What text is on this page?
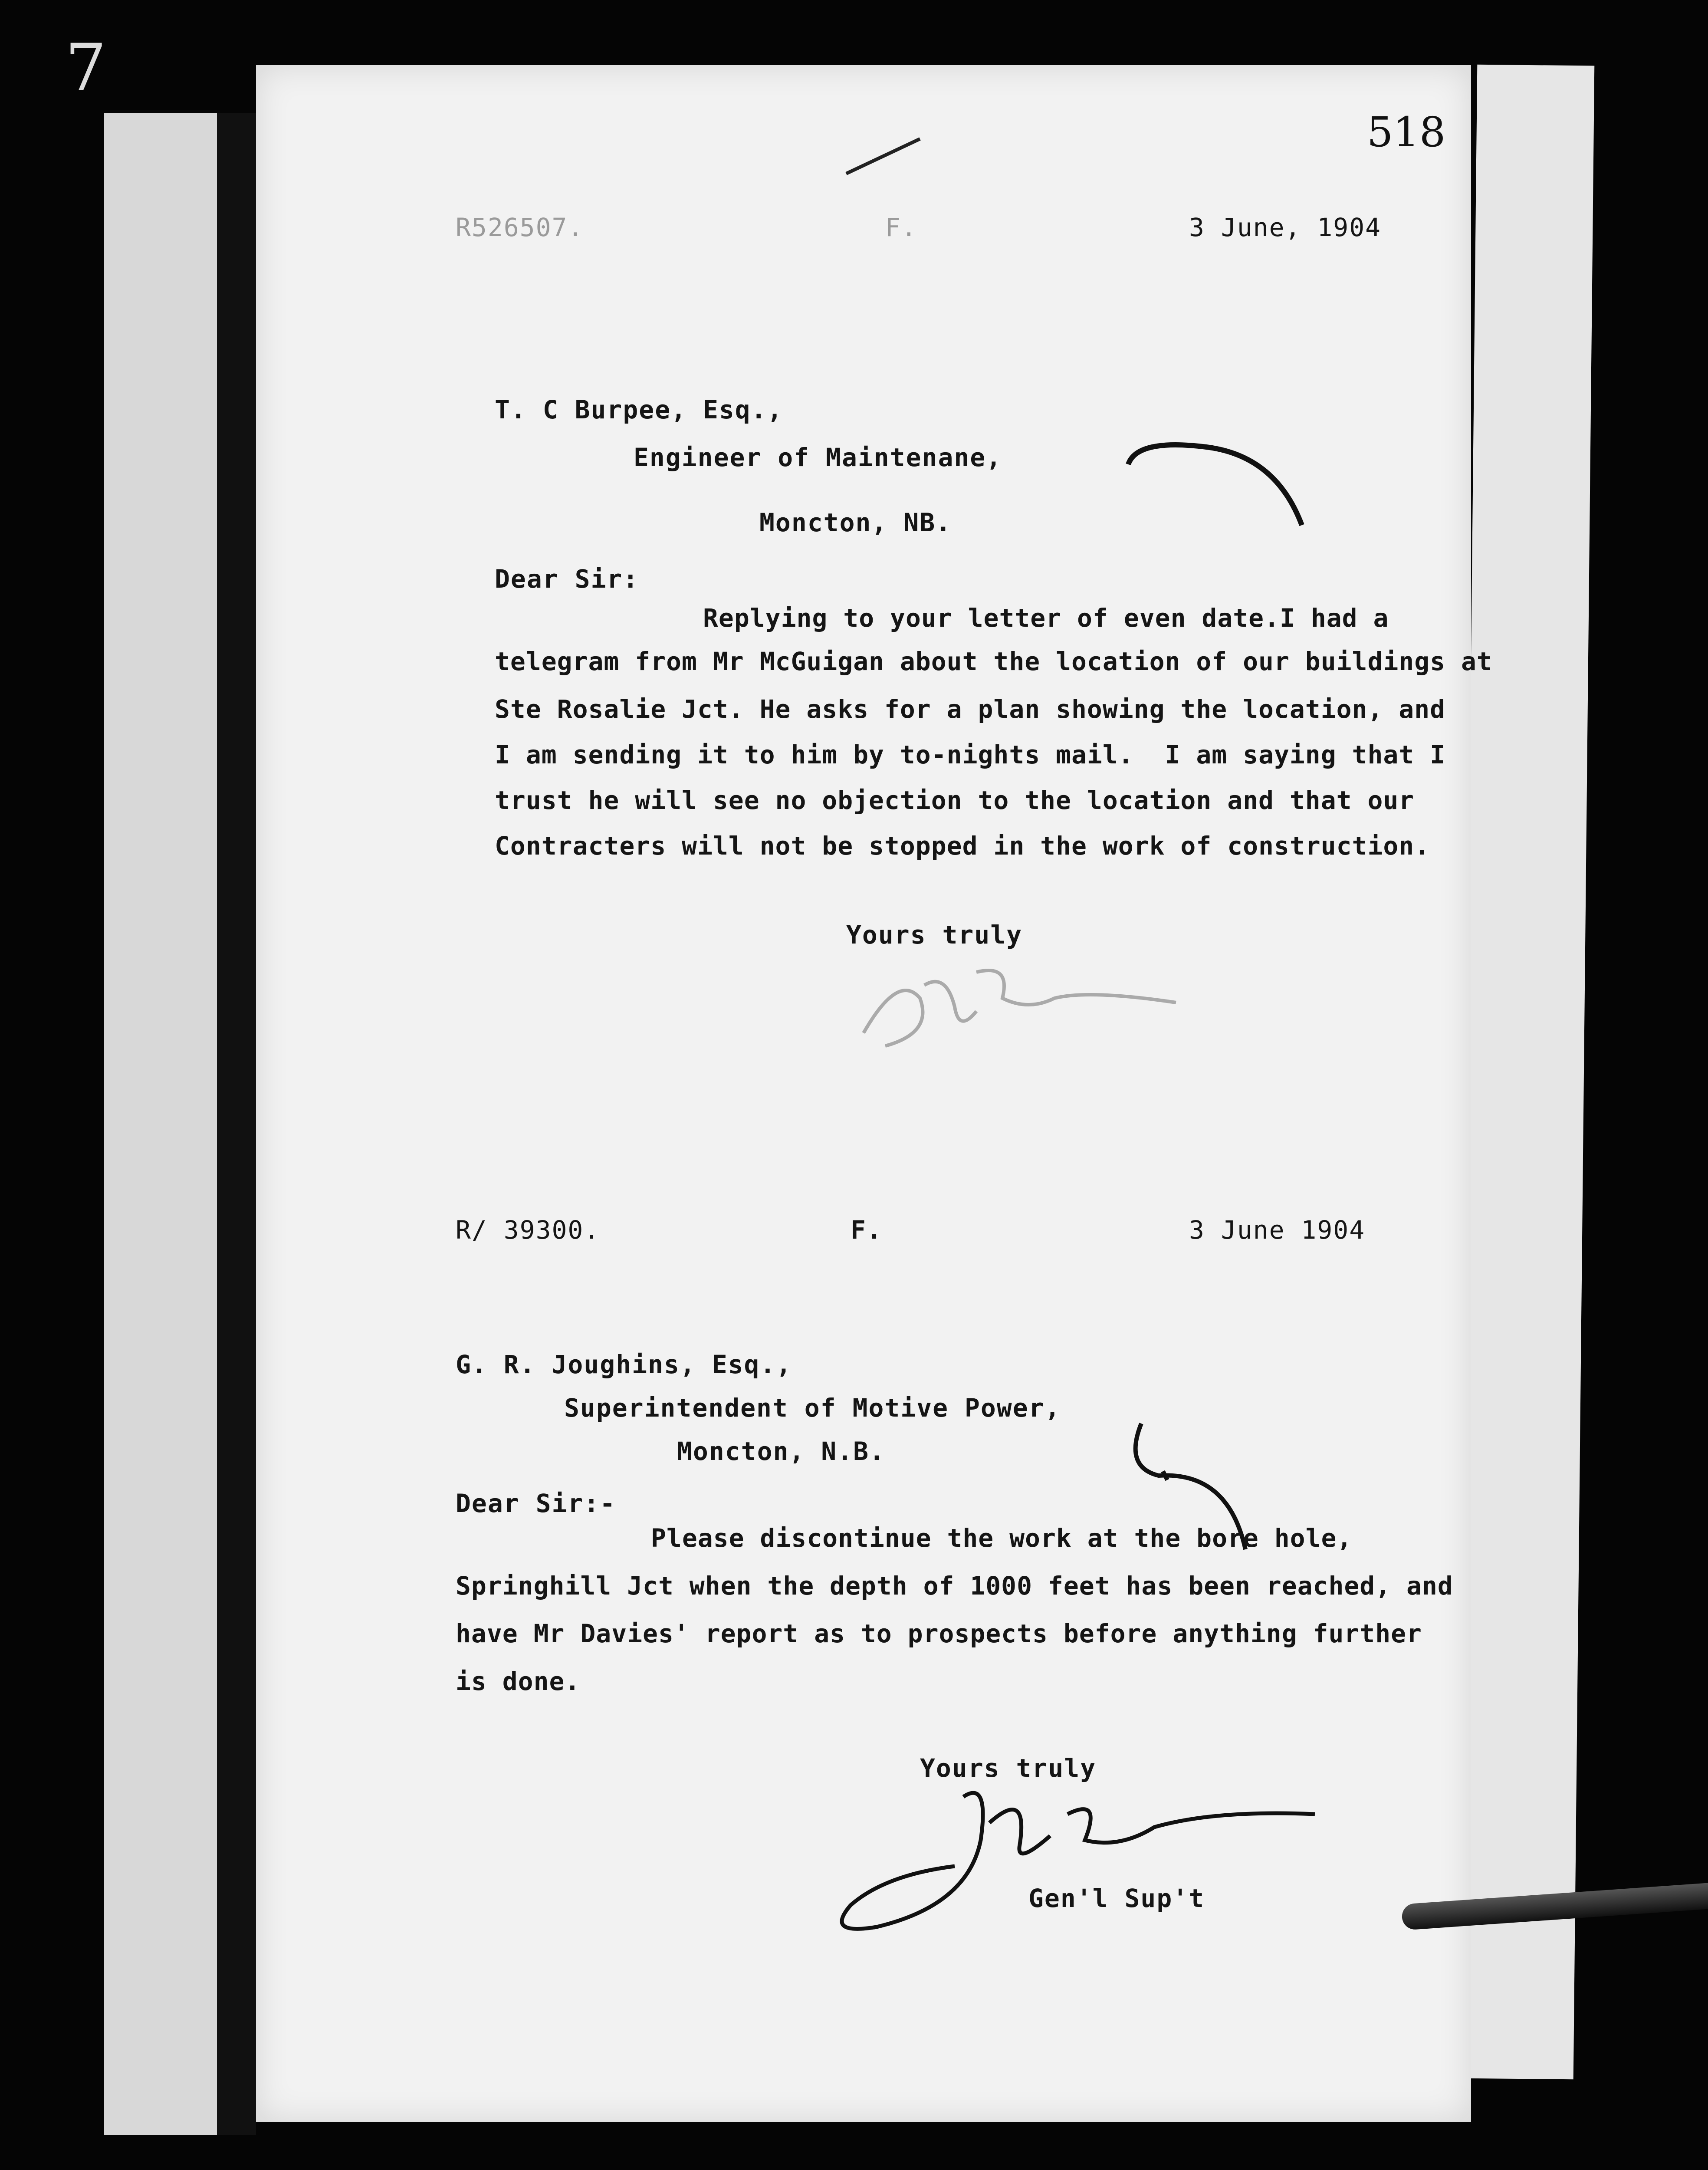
7
518
R526507.	F.	3 June, 1904
T. C Burpee, Esq.,
Engineer of Maintenane,
Moncton, NB.
Dear Sir:
Replying to your letter of even date.I had a
telegram from Mr McGuigan about the location of our buildings at
Ste Rosalie Jct. He asks for a plan showing the location, and
I am sending it to him by to-nights mail.  I am saying that I
trust he will see no objection to the location and that our
Contracters will not be stopped in the work of construction.
Yours truly
R/ 39300.	F.	3 June 1904
G. R. Joughins, Esq.,
Superintendent of Motive Power,
Moncton, N.B.
Dear Sir:-
Please discontinue the work at the bore hole,
Springhill Jct when the depth of 1000 feet has been reached, and
have Mr Davies' report as to prospects before anything further
is done.
Yours truly
Gen'l Sup't
